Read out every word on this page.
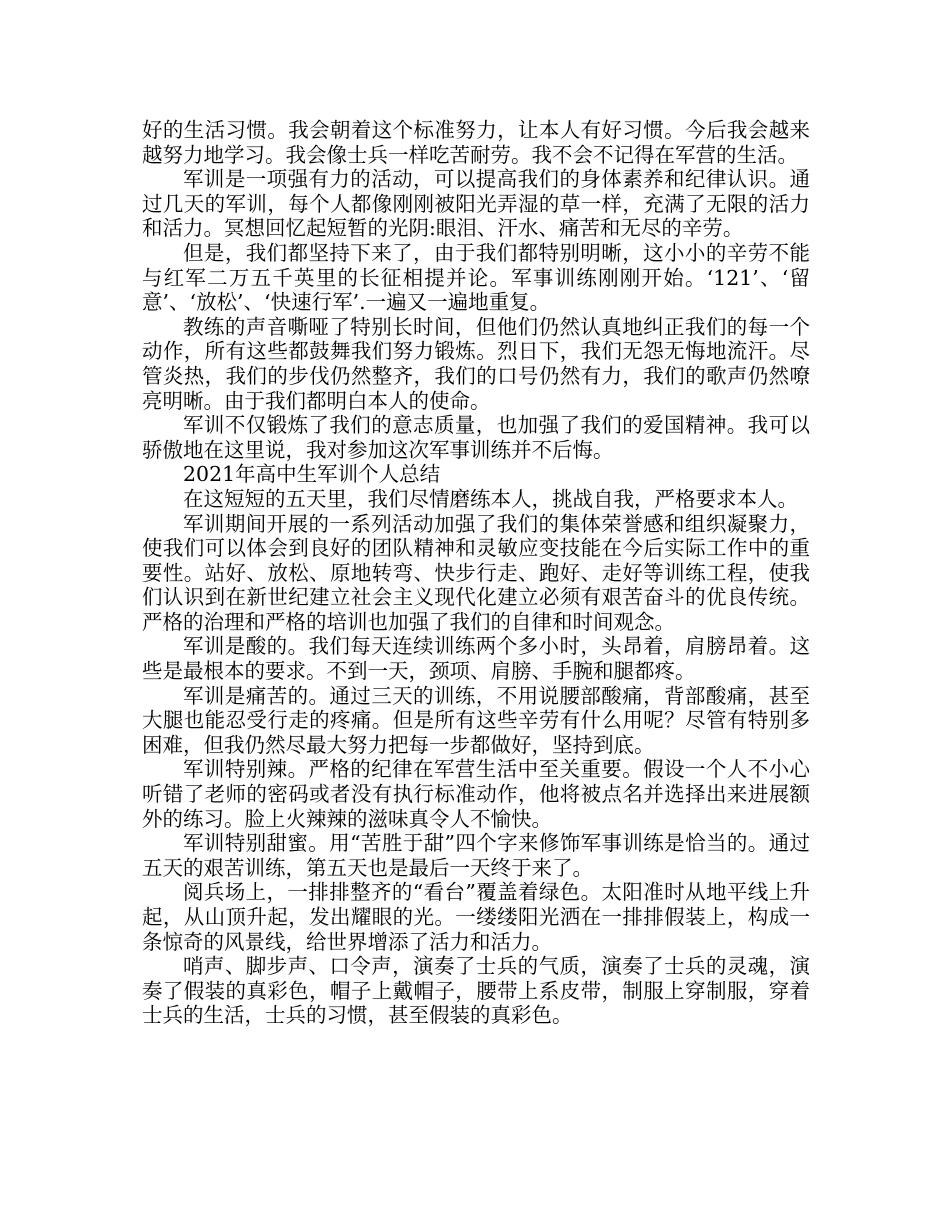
好的生活习惯。我会朝着这个标准努力，让本人有好习惯。今后我会越来越努力地学习。我会像士兵一样吃苦耐劳。我不会不记得在军营的生活。

军训是一项强有力的活动，可以提高我们的身体素养和纪律认识。通过几天的军训，每个人都像刚刚被阳光弄湿的草一样，充满了无限的活力和活力。冥想回忆起短暂的光阴:眼泪、汗水、痛苦和无尽的辛劳。

但是，我们都坚持下来了，由于我们都特别明晰，这小小的辛劳不能与红军二万五千英里的长征相提并论。军事训练刚刚开始。‘121’、‘留意’、‘放松’、‘快速行军’.一遍又一遍地重复。

教练的声音嘶哑了特别长时间，但他们仍然认真地纠正我们的每一个动作，所有这些都鼓舞我们努力锻炼。烈日下，我们无怨无悔地流汗。尽管炎热，我们的步伐仍然整齐，我们的口号仍然有力，我们的歌声仍然嘹亮明晰。由于我们都明白本人的使命。

军训不仅锻炼了我们的意志质量，也加强了我们的爱国精神。我可以骄傲地在这里说，我对参加这次军事训练并不后悔。

2021年高中生军训个人总结

在这短短的五天里，我们尽情磨练本人，挑战自我，严格要求本人。

军训期间开展的一系列活动加强了我们的集体荣誉感和组织凝聚力，使我们可以体会到良好的团队精神和灵敏应变技能在今后实际工作中的重要性。站好、放松、原地转弯、快步行走、跑好、走好等训练工程，使我们认识到在新世纪建立社会主义现代化建立必须有艰苦奋斗的优良传统。严格的治理和严格的培训也加强了我们的自律和时间观念。

军训是酸的。我们每天连续训练两个多小时，头昂着，肩膀昂着。这些是最根本的要求。不到一天，颈项、肩膀、手腕和腿都疼。

军训是痛苦的。通过三天的训练，不用说腰部酸痛，背部酸痛，甚至大腿也能忍受行走的疼痛。但是所有这些辛劳有什么用呢？尽管有特别多困难，但我仍然尽最大努力把每一步都做好，坚持到底。

军训特别辣。严格的纪律在军营生活中至关重要。假设一个人不小心听错了老师的密码或者没有执行标准动作，他将被点名并选择出来进展额外的练习。脸上火辣辣的滋味真令人不愉快。

军训特别甜蜜。用“苦胜于甜”四个字来修饰军事训练是恰当的。通过五天的艰苦训练，第五天也是最后一天终于来了。

阅兵场上，一排排整齐的“看台”覆盖着绿色。太阳准时从地平线上升起，从山顶升起，发出耀眼的光。一缕缕阳光洒在一排排假装上，构成一条惊奇的风景线，给世界增添了活力和活力。

哨声、脚步声、口令声，演奏了士兵的气质，演奏了士兵的灵魂，演奏了假装的真彩色，帽子上戴帽子，腰带上系皮带，制服上穿制服，穿着士兵的生活，士兵的习惯，甚至假装的真彩色。
